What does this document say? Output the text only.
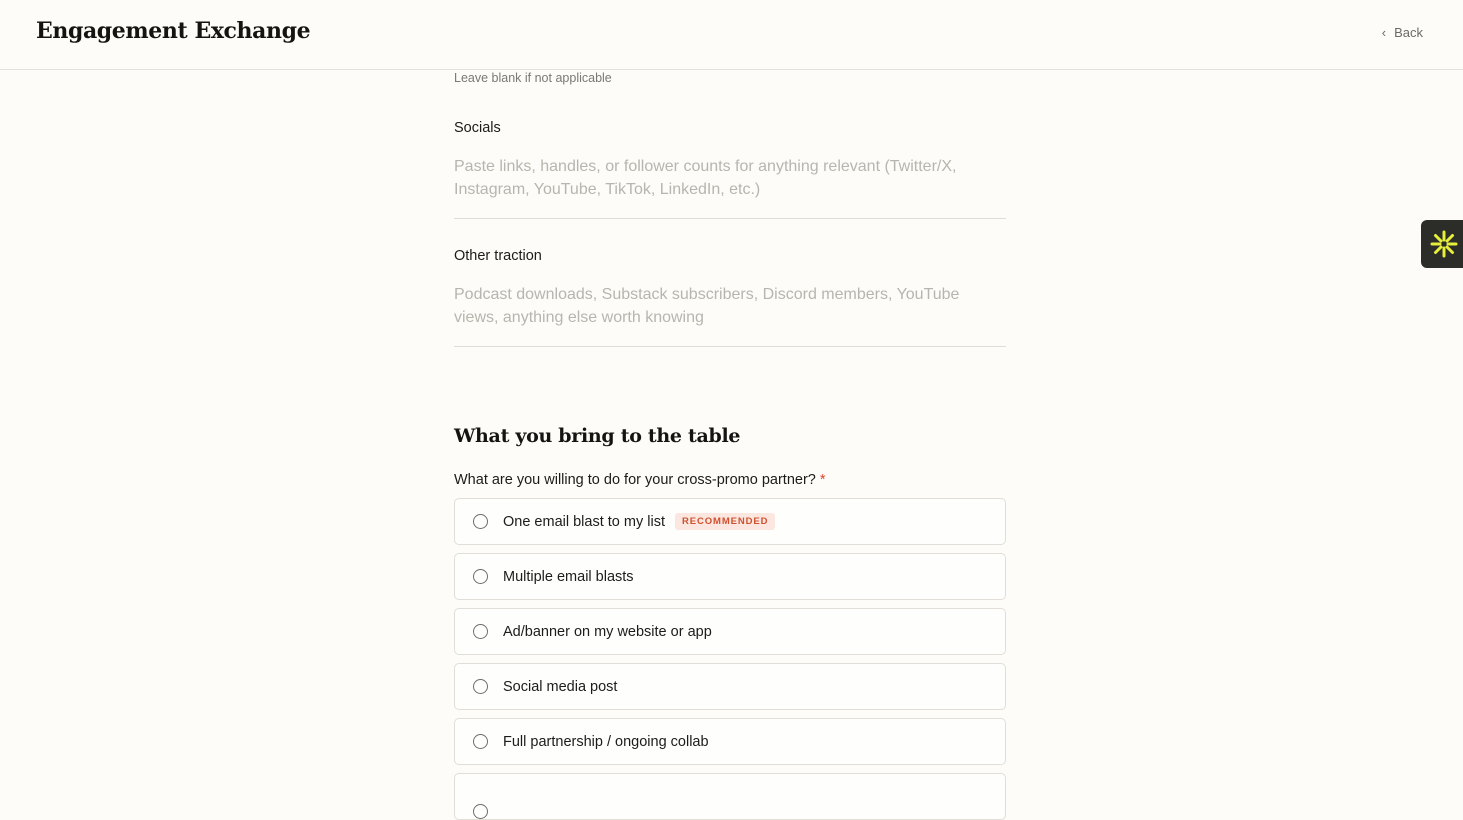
Engagement Exchange	‹ Back
Leave blank if not applicable
Socials
Paste links, handles, or follower counts for anything relevant (Twitter/X, Instagram, YouTube, TikTok, LinkedIn, etc.)
Other traction
Podcast downloads, Substack subscribers, Discord members, YouTube views, anything else worth knowing
What you bring to the table
What are you willing to do for your cross-promo partner? *
One email blast to my list	RECOMMENDED
Multiple email blasts
Ad/banner on my website or app
Social media post
Full partnership / ongoing collab
